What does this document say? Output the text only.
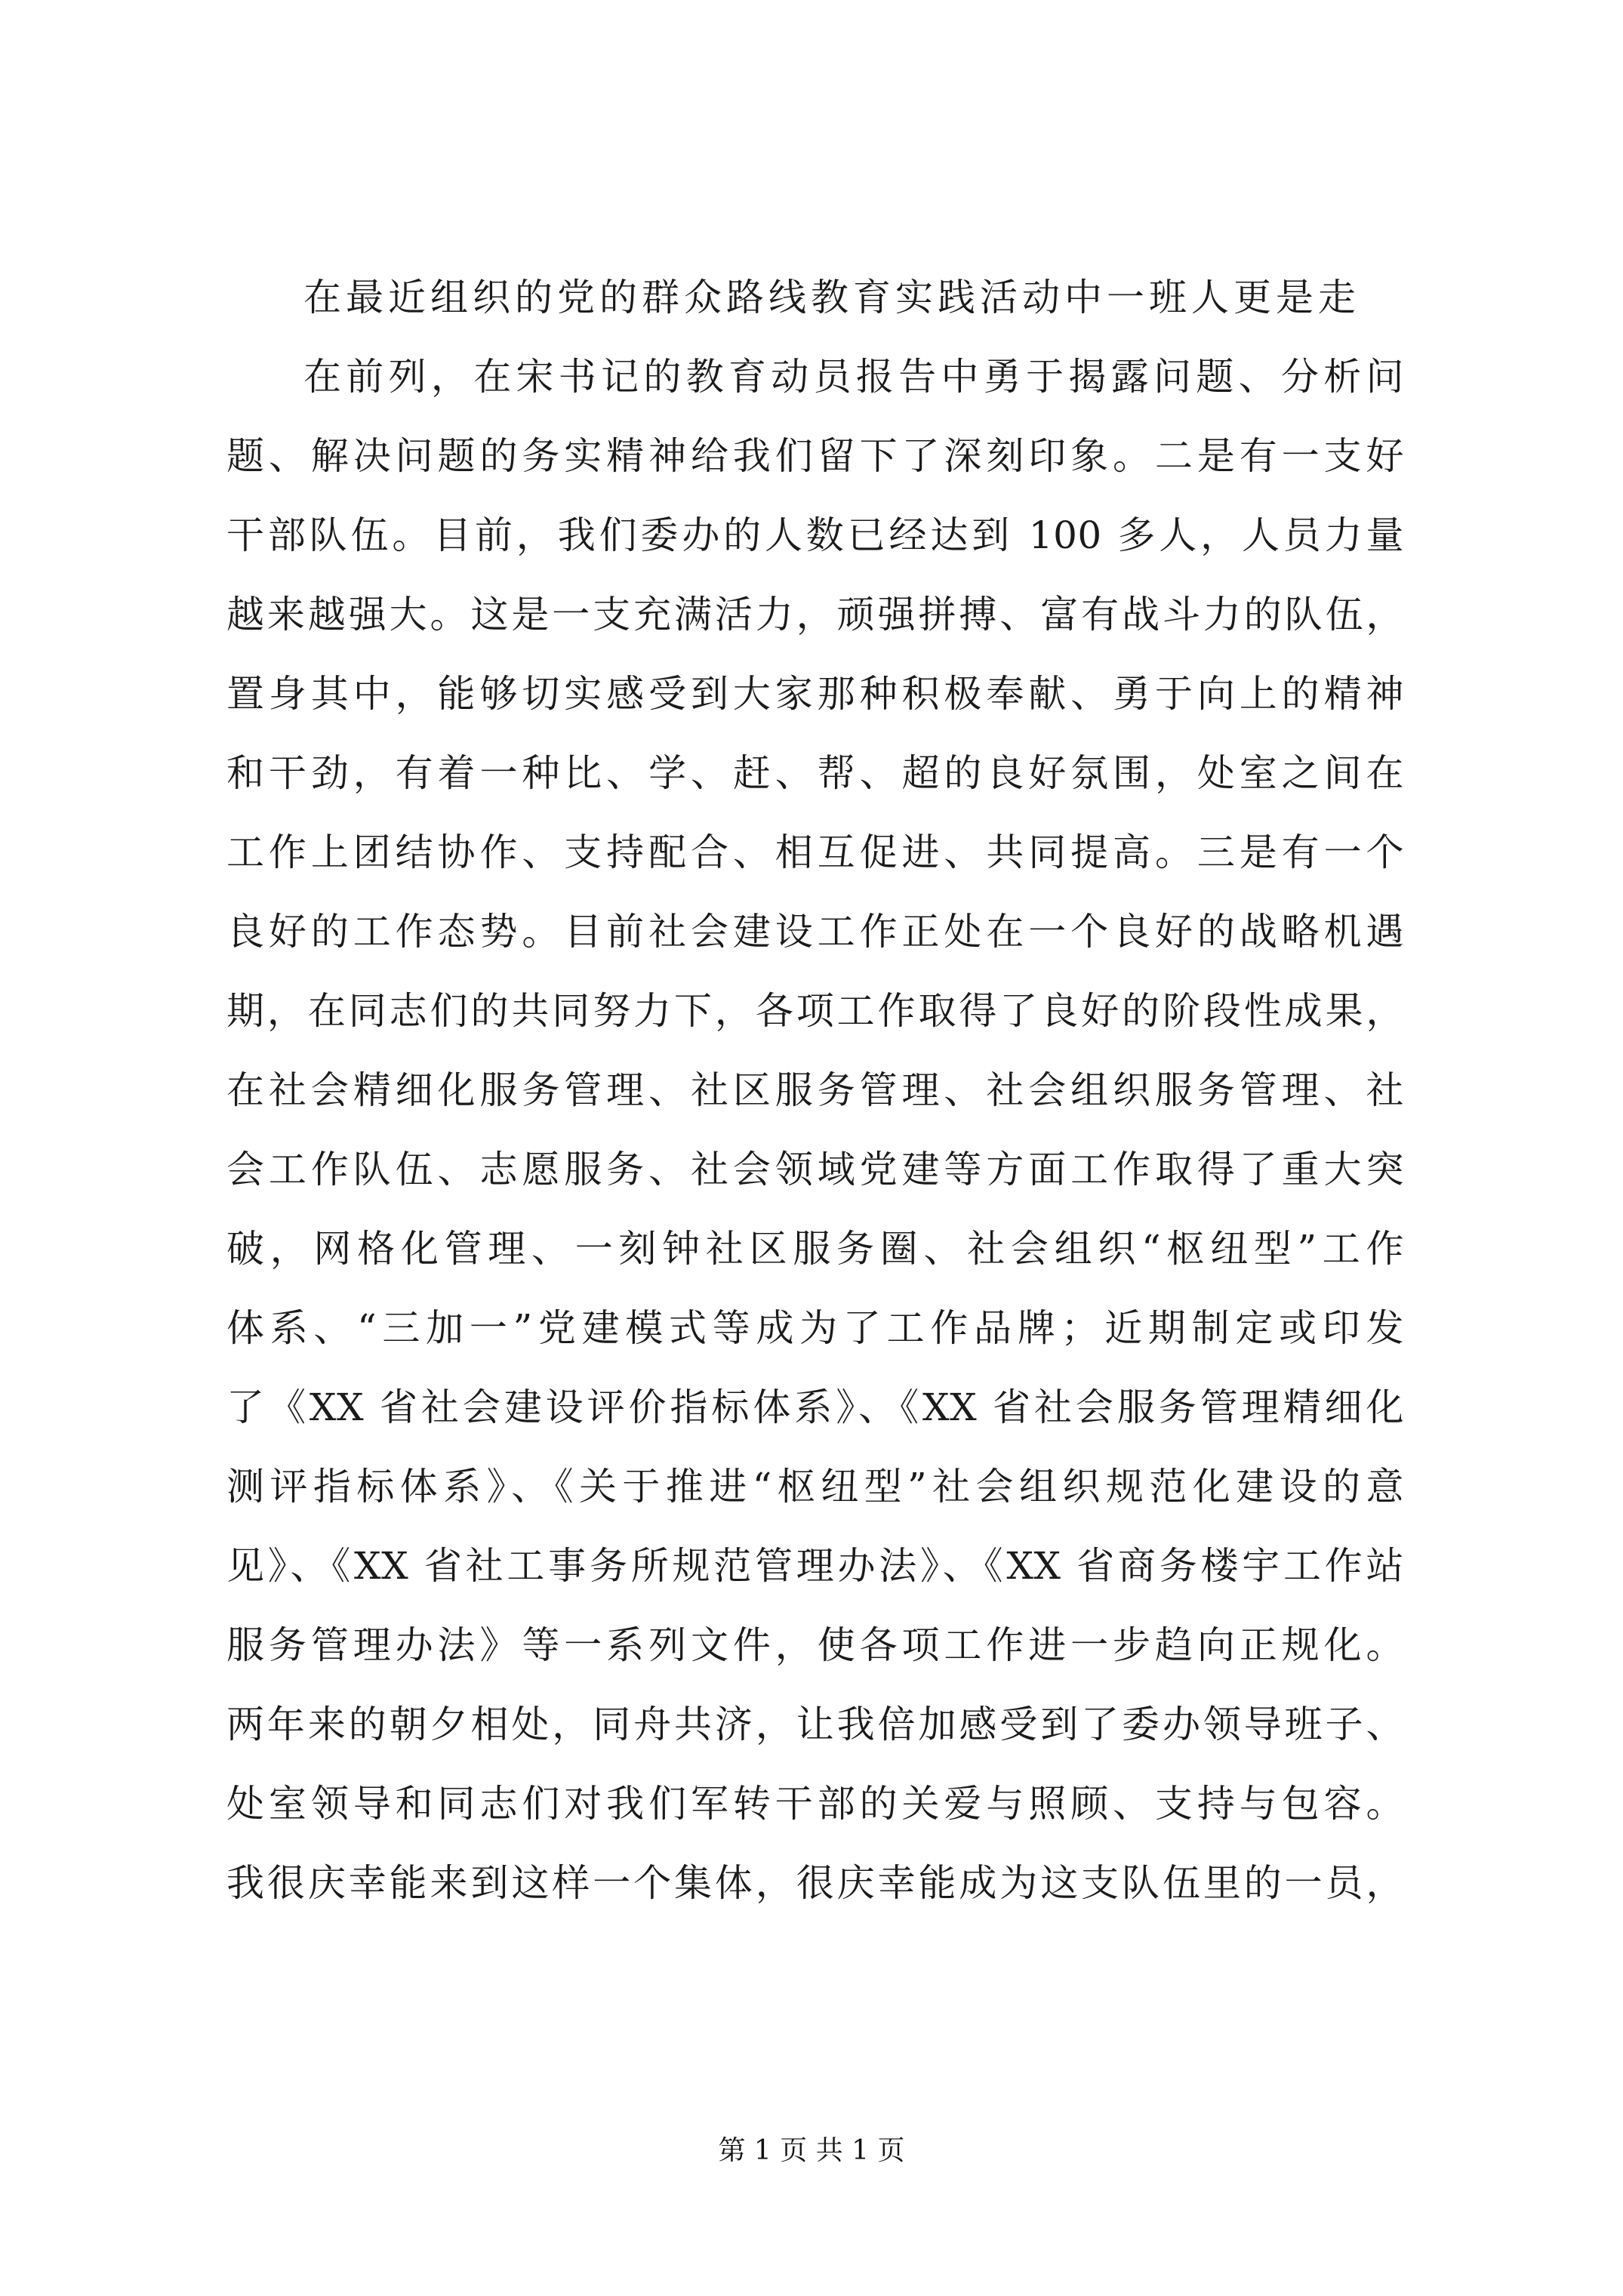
在最近组织的党的群众路线教育实践活动中一班人更是走
在前列，在宋书记的教育动员报告中勇于揭露问题、分析问
题、解决问题的务实精神给我们留下了深刻印象。二是有一支好
干部队伍。目前，我们委办的人数已经达到 100 多人，人员力量
越来越强大。这是一支充满活力，顽强拼搏、富有战斗力的队伍，
置身其中，能够切实感受到大家那种积极奉献、勇于向上的精神
和干劲，有着一种比、学、赶、帮、超的良好氛围，处室之间在
工作上团结协作、支持配合、相互促进、共同提高。三是有一个
良好的工作态势。目前社会建设工作正处在一个良好的战略机遇
期，在同志们的共同努力下，各项工作取得了良好的阶段性成果，
在社会精细化服务管理、社区服务管理、社会组织服务管理、社
会工作队伍、志愿服务、社会领域党建等方面工作取得了重大突
破，网格化管理、一刻钟社区服务圈、社会组织“枢纽型”工作
体系、“三加一”党建模式等成为了工作品牌；近期制定或印发
了《XX 省社会建设评价指标体系》、《XX 省社会服务管理精细化
测评指标体系》、《关于推进“枢纽型”社会组织规范化建设的意
见》、《XX 省社工事务所规范管理办法》、《XX 省商务楼宇工作站
服务管理办法》等一系列文件，使各项工作进一步趋向正规化。
两年来的朝夕相处，同舟共济，让我倍加感受到了委办领导班子、
处室领导和同志们对我们军转干部的关爱与照顾、支持与包容。
我很庆幸能来到这样一个集体，很庆幸能成为这支队伍里的一员，
第 1 页 共 1 页
